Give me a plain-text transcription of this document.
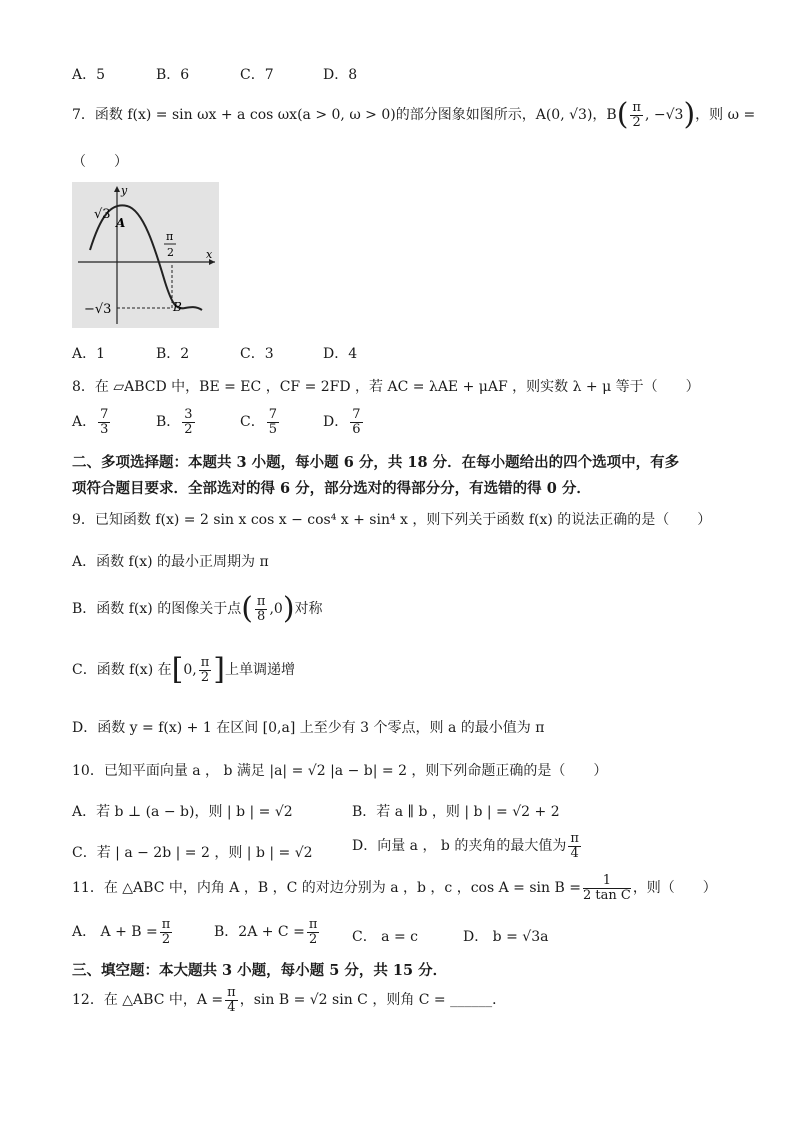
A．5	B．6	C．7	D．8
7．函数 f(x) = sin ωx + a cos ωx(a > 0, ω > 0)的部分图象如图所示，A(0, √3)，$B( \frac{\pi}{2}$ , −√3)，则 ω =
（　　）
√3
A
y
x
π
2
−√3	B
A．1	B．2	C．3	D．4
8．在 ▱ABCD 中，BE = EC ，CF = 2FD ，若 AC = λAE + μAF ，则实数 λ + μ 等于（　　）
A． $\frac{7}{3}$	B． $\frac{3}{2}$	C． $\frac{7}{5}$	D． $\frac{7}{6}$
二、多项选择题：本题共 3 小题，每小题 6 分，共 18 分．在每小题给出的四个选项中，有多
项符合题目要求．全部选对的得 6 分，部分选对的得部分分，有选错的得 0 分．
9．已知函数 f(x) = 2 sin x cos x − cos⁴ x + sin⁴ x ，则下列关于函数 f(x) 的说法正确的是（　　）
A．函数 f(x) 的最小正周期为 π
B．函数 f(x) 的图像关于点( $\frac{\pi}{8} ,0$)对称
C．函数 f(x) 在[0, $\frac{\pi}{2}$ ]上单调递增
D．函数 y = f(x) + 1 在区间 [0,a] 上至少有 3 个零点，则 a 的最小值为 π
10．已知平面向量 a ， b 满足 |a| = √2 |a − b| = 2 ，则下列命题正确的是（　　）
A．若 b ⊥ (a − b)，则 | b | = √2	B．若 a ∥ b ，则 | b | = √2 + 2
C．若 | a − 2b | = 2 ，则 | b | = √2	D．向量 a ， b 的夹角的最大值为 $\frac{\pi}{4}$
11．在 △ABC 中，内角 A ，B ，C 的对边分别为 a ，b ，c ，$\cos A = \sin B = \frac{1}{\text{2 tan C}}$ ，则（　　）
A． $A + B = \frac{\pi}{2}$	B．$2A + C = \frac{\pi}{2}$ C． a = c	D． b = √3a
三、填空题：本大题共 3 小题，每小题 5 分，共 15 分．
12．在 △ABC 中，$A = \frac{\pi}{4}$ ，sin B = √2 sin C ，则角 C = ______．
